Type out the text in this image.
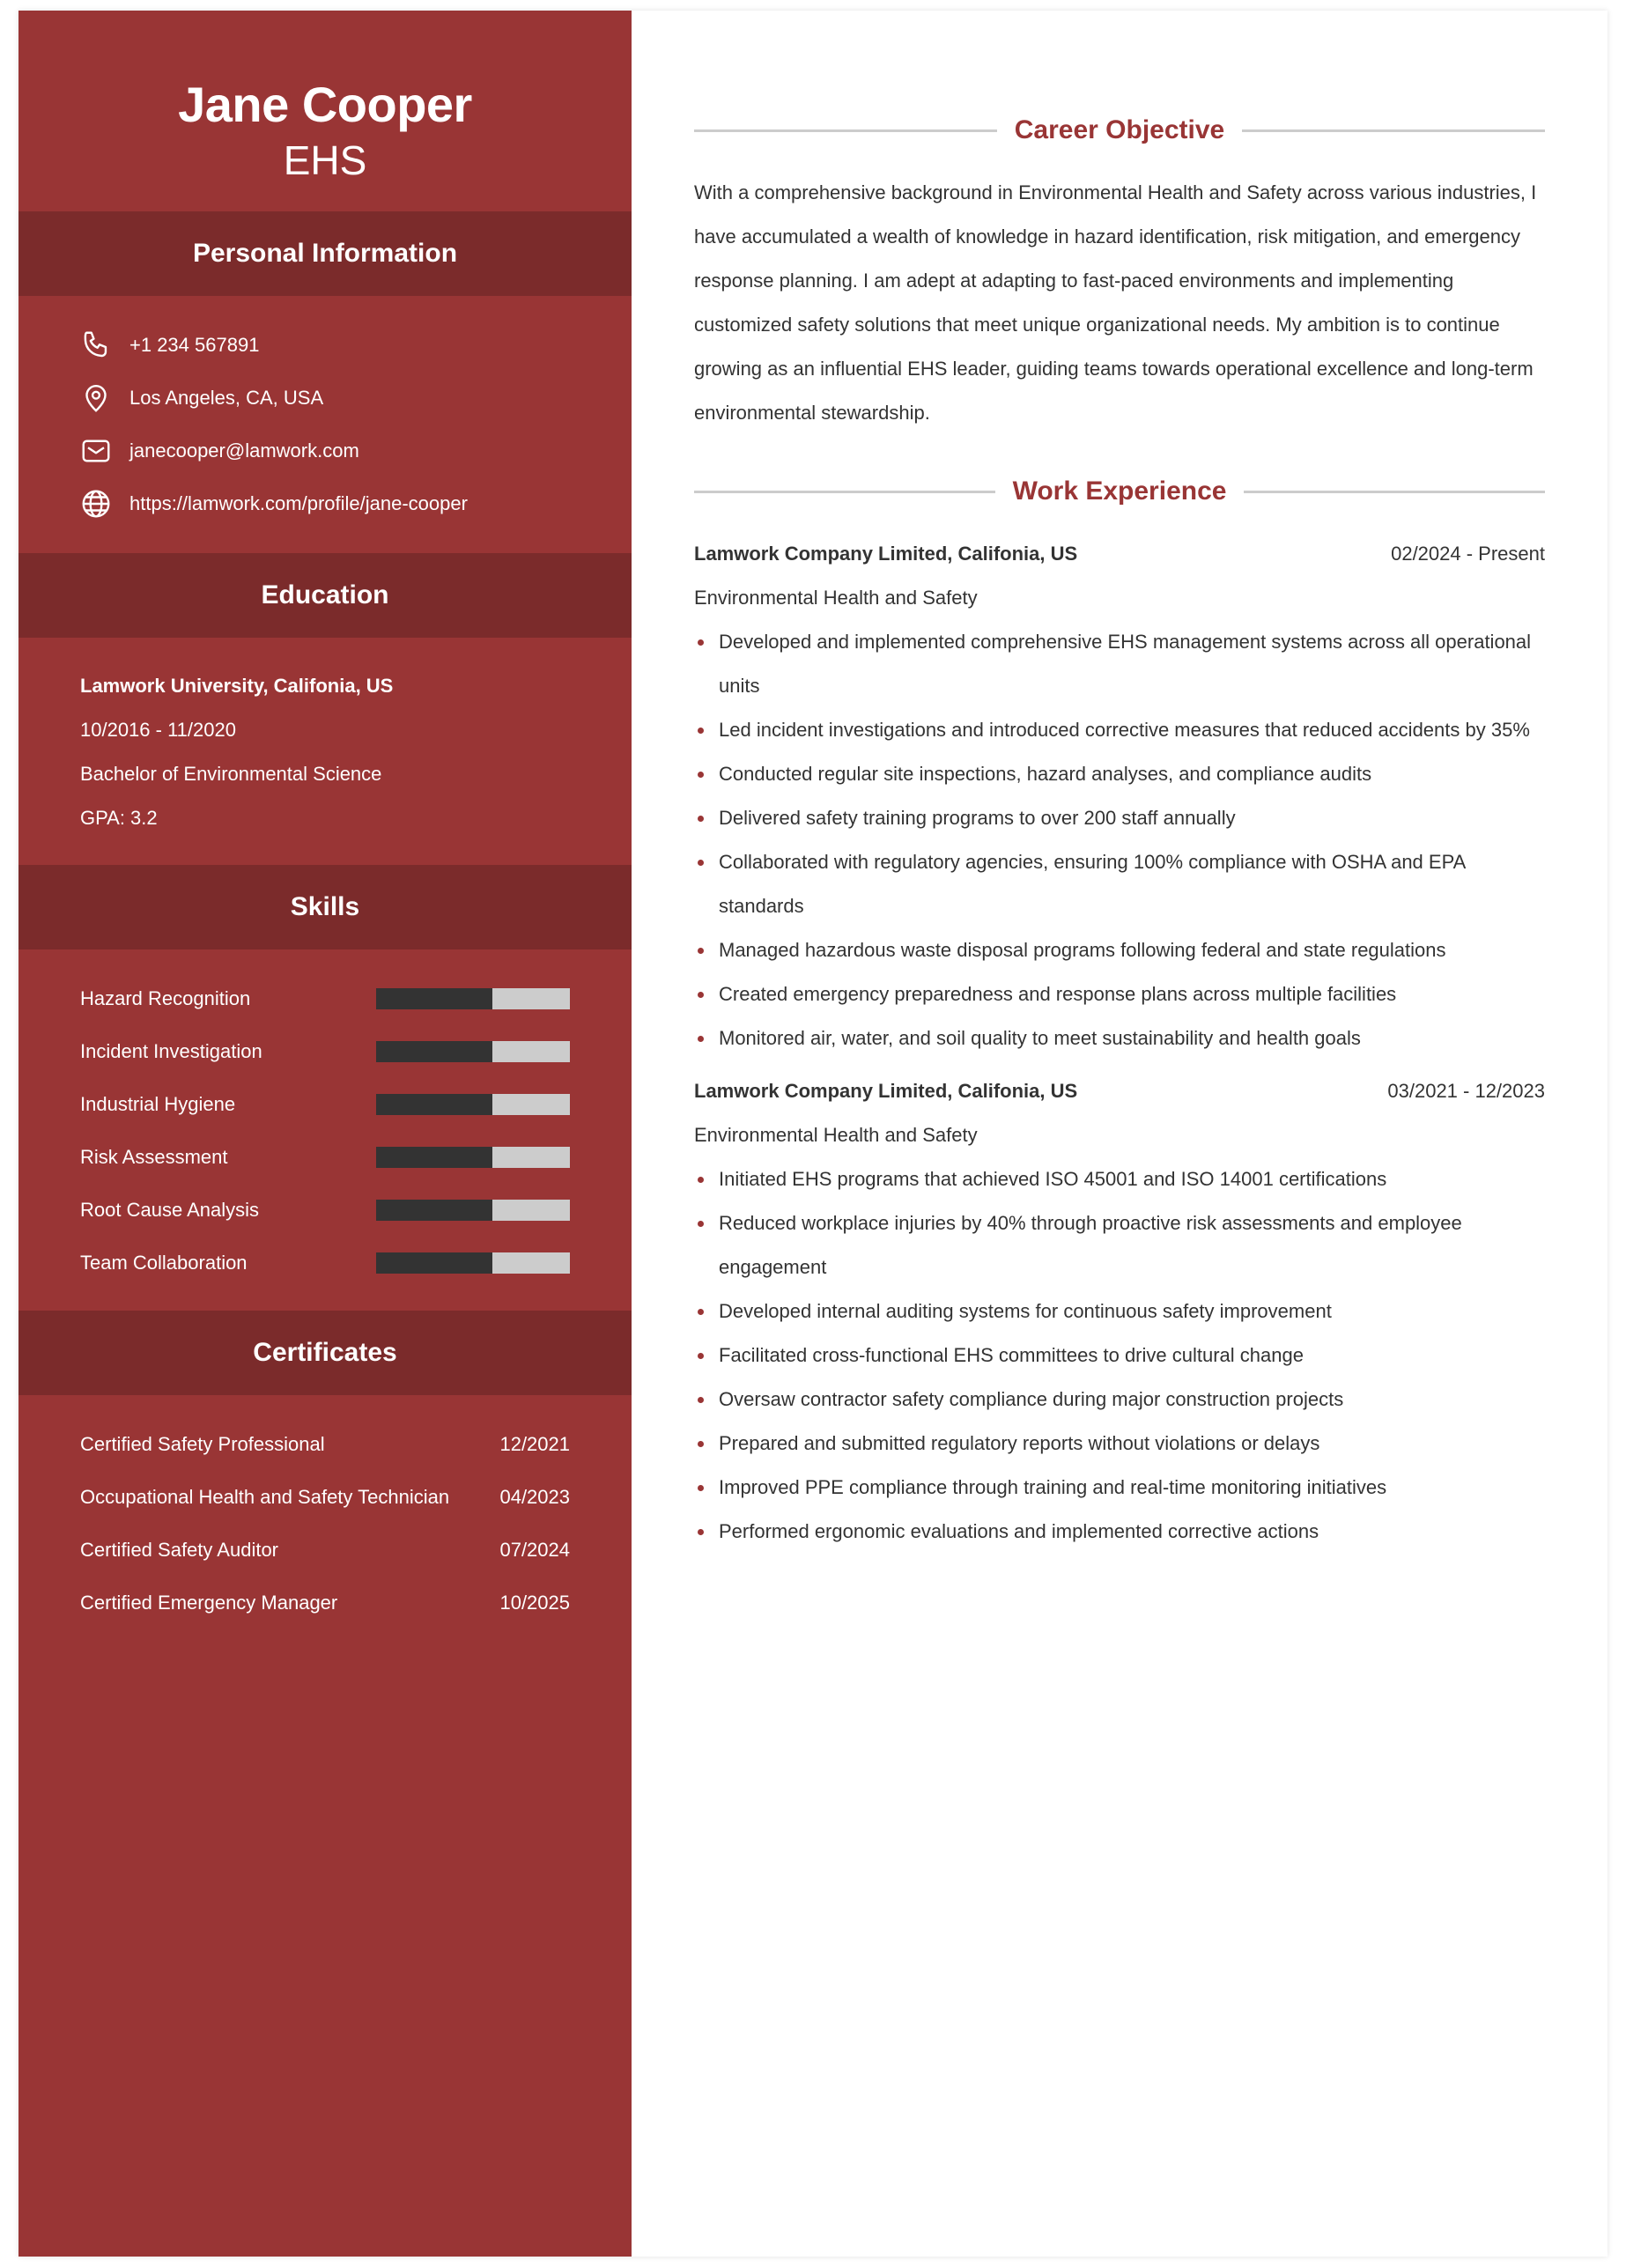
Jane Cooper
EHS
Personal Information
+1 234 567891
Los Angeles, CA, USA
janecooper@lamwork.com
https://lamwork.com/profile/jane-cooper
Education
Lamwork University, Califonia, US
10/2016 - 11/2020
Bachelor of Environmental Science
GPA: 3.2
Skills
Hazard Recognition
Incident Investigation
Industrial Hygiene
Risk Assessment
Root Cause Analysis
Team Collaboration
Certificates
Certified Safety Professional	12/2021
Occupational Health and Safety Technician	04/2023
Certified Safety Auditor	07/2024
Certified Emergency Manager	10/2025
Career Objective
With a comprehensive background in Environmental Health and Safety across various industries, I have accumulated a wealth of knowledge in hazard identification, risk mitigation, and emergency response planning. I am adept at adapting to fast-paced environments and implementing customized safety solutions that meet unique organizational needs. My ambition is to continue growing as an influential EHS leader, guiding teams towards operational excellence and long-term environmental stewardship.
Work Experience
Lamwork Company Limited, Califonia, US	02/2024 - Present
Environmental Health and Safety
Developed and implemented comprehensive EHS management systems across all operational units
Led incident investigations and introduced corrective measures that reduced accidents by 35%
Conducted regular site inspections, hazard analyses, and compliance audits
Delivered safety training programs to over 200 staff annually
Collaborated with regulatory agencies, ensuring 100% compliance with OSHA and EPA standards
Managed hazardous waste disposal programs following federal and state regulations
Created emergency preparedness and response plans across multiple facilities
Monitored air, water, and soil quality to meet sustainability and health goals
Lamwork Company Limited, Califonia, US	03/2021 - 12/2023
Environmental Health and Safety
Initiated EHS programs that achieved ISO 45001 and ISO 14001 certifications
Reduced workplace injuries by 40% through proactive risk assessments and employee engagement
Developed internal auditing systems for continuous safety improvement
Facilitated cross-functional EHS committees to drive cultural change
Oversaw contractor safety compliance during major construction projects
Prepared and submitted regulatory reports without violations or delays
Improved PPE compliance through training and real-time monitoring initiatives
Performed ergonomic evaluations and implemented corrective actions
